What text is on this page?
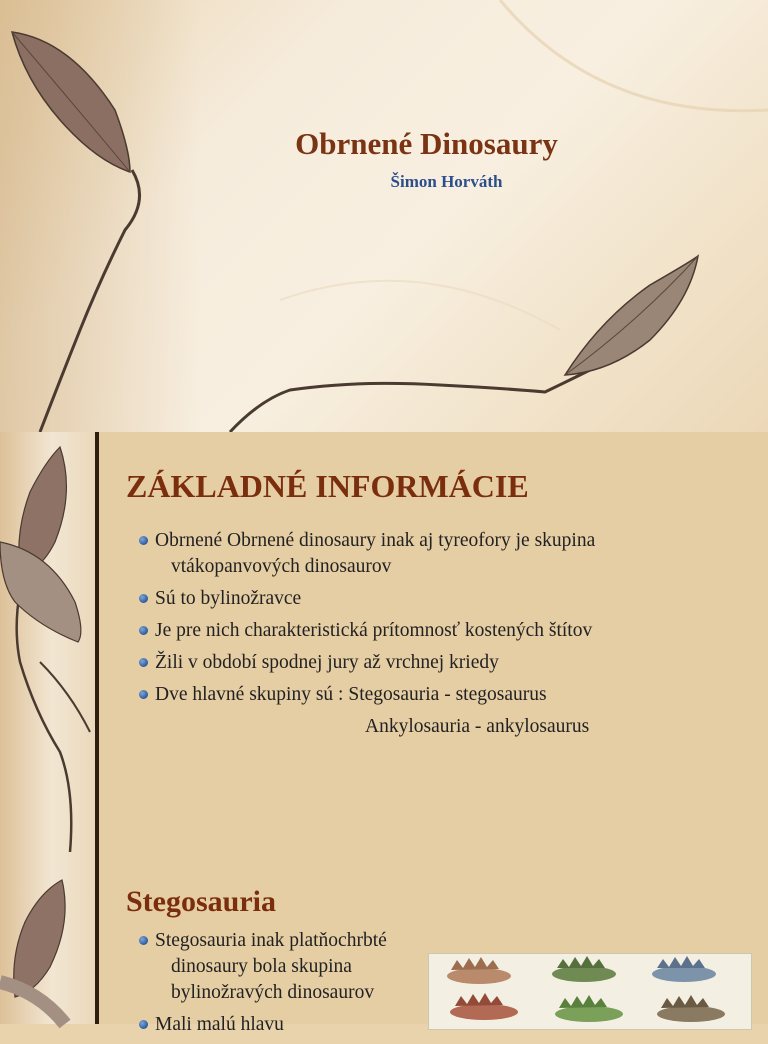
Obrnené Dinosaury
Šimon Horváth
ZÁKLADNÉ INFORMÁCIE
Obrnené Obrnené dinosaury inak aj tyreofory je skupina
vtákopanvových dinosaurov
Sú to bylinožravce
Je pre nich charakteristická prítomnosť kostených štítov
Žili v období spodnej jury až vrchnej kriedy
Dve hlavné skupiny sú : Stegosauria - stegosaurus
Ankylosauria - ankylosaurus
Stegosauria
Stegosauria inak platňochrbté
dinosaury bola skupina
bylinožravých dinosaurov
Mali malú hlavu
